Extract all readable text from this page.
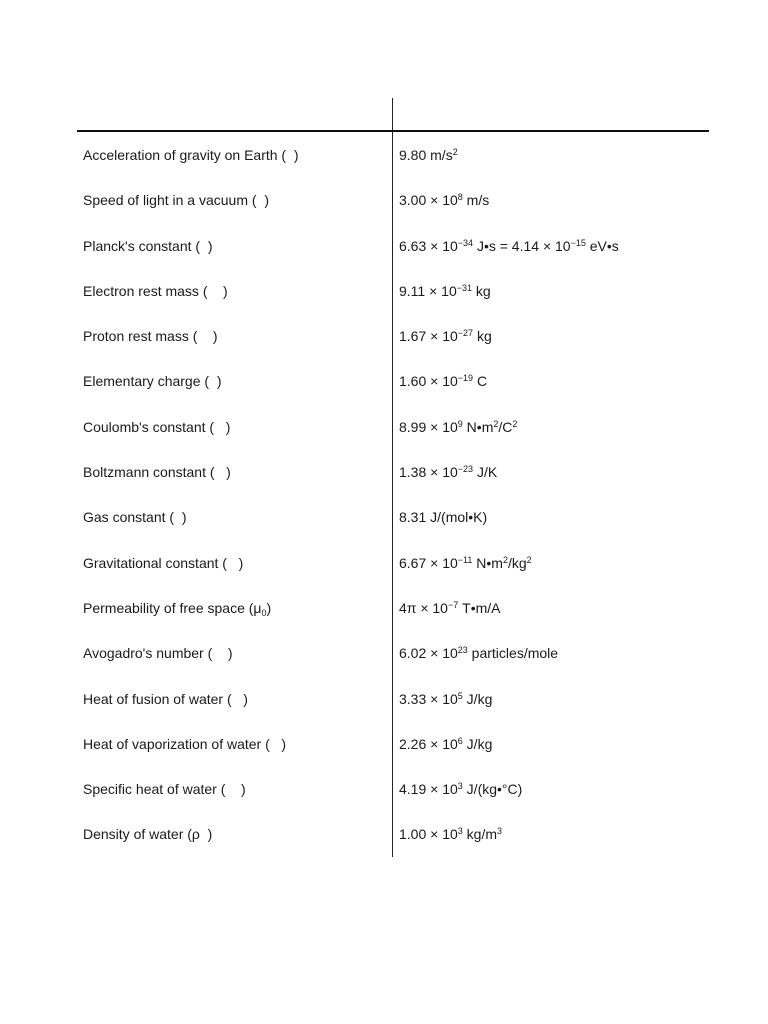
Acceleration of gravity on Earth (  )	9.80 $m/s^2$
Speed of light in a vacuum (  )	$3.00 \times 10^8$ m/s
Planck's constant (  )	$6.63 \times 10^{-34}$ J•s = $4.14 \times 10^{-15}$ eV•s
Electron rest mass (    )	$9.11 \times 10^{-31}$ kg
Proton rest mass (    )	$1.67 \times 10^{-27}$ kg
Elementary charge (  )	$1.60 \times 10^{-19}$ C
Coulomb's constant (   )	$8.99 \times 10^9$ $N•m^2/C^2$
Boltzmann constant (   )	$1.38 \times 10^{-23}$ J/K
Gas constant (  )	8.31 J/(mol•K)
Gravitational constant (   )	$6.67 \times 10^{-11}$ $N•m^2/kg^2$
Permeability of free space $(\mu_0)$	$4\pi \times 10^{-7}$ T•m/A
Avogadro's number (    )	$6.02 \times 10^{23}$ particles/mole
Heat of fusion of water (   )	$3.33 \times 10^5$ J/kg
Heat of vaporization of water (   )	$2.26 \times 10^6$ J/kg
Specific heat of water (    )	$4.19 \times 10^3$ J/(kg•°C)
Density of water (ρ  )	$1.00 \times 10^3$ $kg/m^3$
